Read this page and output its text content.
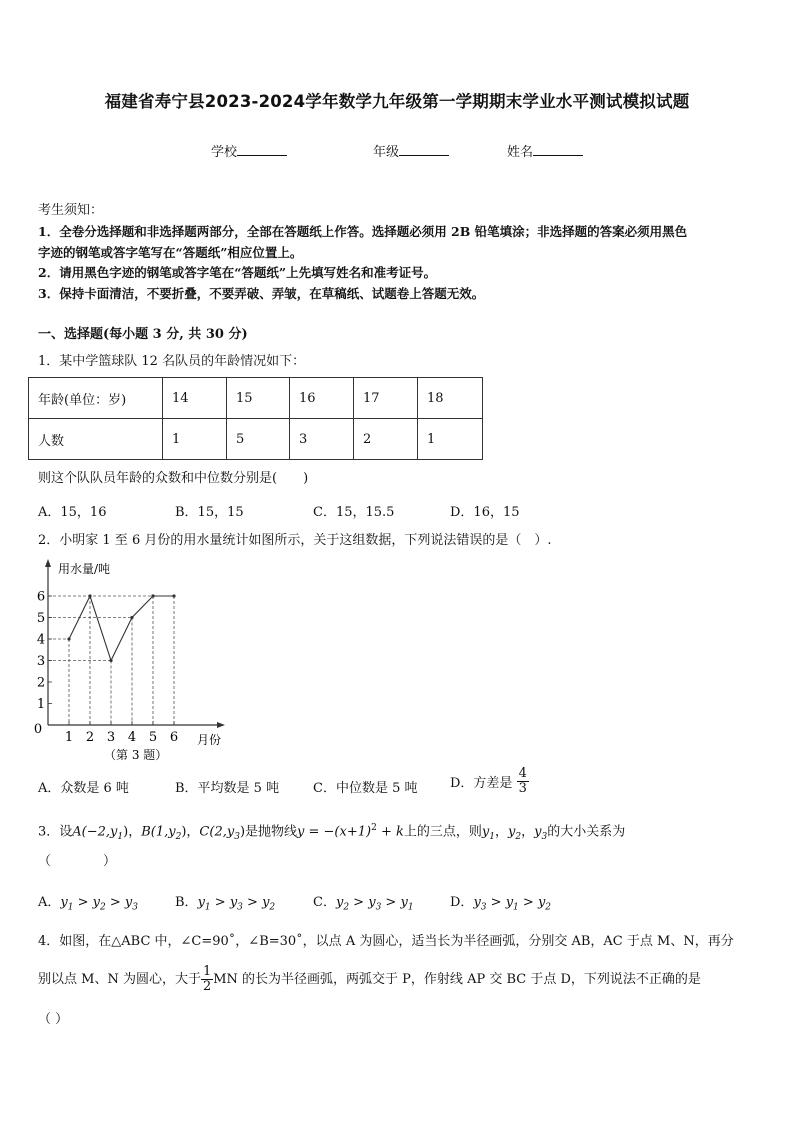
福建省寿宁县2023-2024学年数学九年级第一学期期末学业水平测试模拟试题
学校	年级	姓名
考生须知：
1．全卷分选择题和非选择题两部分，全部在答题纸上作答。选择题必须用 2B 铅笔填涂；非选择题的答案必须用黑色
字迹的钢笔或答字笔写在“答题纸”相应位置上。
2．请用黑色字迹的钢笔或答字笔在“答题纸”上先填写姓名和准考证号。
3．保持卡面清洁，不要折叠，不要弄破、弄皱，在草稿纸、试题卷上答题无效。
一、选择题(每小题 3 分, 共 30 分)
1．某中学篮球队 12 名队员的年龄情况如下：
年龄(单位：岁)	14	15	16	17	18
人数	1	5	3	2	1
则这个队队员年龄的众数和中位数分别是(　　)
A．15，16	B．15，15	C．15，15.5	D．16，15
2．小明家 1 至 6 月份的用水量统计如图所示，关于这组数据，下列说法错误的是（　）.
1
2
3
4
5
6
1 2 3 4 5 6
用水量/吨
月份
（第 3 题）
0
A．众数是 6 吨	B．平均数是 5 吨	C．中位数是 5 吨	D．方差是 $\frac{4}{3}$
3．设$A(-2,y_1)$，$B(1,y_2)$，$C(2,y_3)$是抛物线$y = -(x+1)^2 + k$上的三点，则$y_1$，$y_2$，$y_3$的大小关系为
（　　　　）
A．$y_1 > y_2 > y_3$	B．$y_1 > y_3 > y_2$	C．$y_2 > y_3 > y_1$	D．$y_3 > y_1 > y_2$
4．如图，在△ABC 中，∠C=90˚，∠B=30˚，以点 A 为圆心，适当长为半径画弧，分别交 AB，AC 于点 M、N，再分
别以点 M、N 为圆心，大于 $\frac{1}{2}$ MN 的长为半径画弧，两弧交于 P，作射线 AP 交 BC 于点 D，下列说法不正确的是
（ ）
